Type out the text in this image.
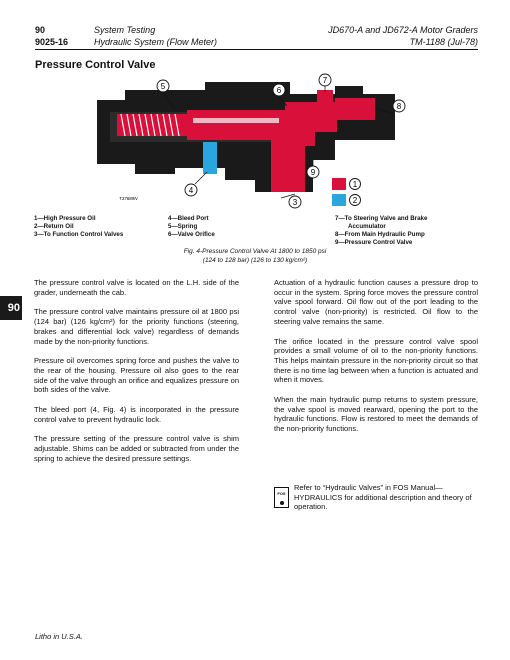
90	System Testing
9025-16	Hydraulic System (Flow Meter)
JD670-A and JD672-A Motor Graders
TM-1188 (Jul-78)
Pressure Control Valve
1
2
5	6
7
8
9
3
4
T37689N
1—High Pressure Oil
2—Return Oil
3—To Function Control Valves
4—Bleed Port
5—Spring
6—Valve Orifice
7—To Steering Valve and Brake
Accumulator
8—From Main Hydraulic Pump
9—Pressure Control Valve
Fig. 4-Pressure Control Valve At 1800 to 1850 psi
(124 to 128 bar) (126 to 130 kg/cm²)
90

The pressure control valve is located on the L.H. side of the grader, underneath the cab.

The pressure control valve maintains pressure oil at 1800 psi (124 bar) (126 kg/cm²) for the priority functions (steering, brakes and differential lock valve) regardless of demands made by the non-priority functions.

Pressure oil overcomes spring force and pushes the valve to the rear of the housing. Pressure oil also goes to the rear side of the valve through an orifice and equalizes pressure on both sides of the valve.

The bleed port (4, Fig. 4) is incorporated in the pressure control valve to prevent hydraulic lock.

The pressure setting of the pressure control valve is shim adjustable. Shims can be added or subtracted from under the spring to achieve the desired pressure settings.

Actuation of a hydraulic function causes a pressure drop to occur in the system. Spring force moves the pressure control valve spool forward. Oil flow out of the port leading to the control valve (non-priority) is restricted. Oil flow to the steering valve remains the same.

The orifice located in the pressure control valve spool provides a small volume of oil to the non-priority functions. This helps maintain pressure in the non-priority circuit so that there is no time lag between when a function is actuated and when it moves.

When the main hydraulic pump returns to system pressure, the valve spool is moved rearward, opening the port to the hydraulic functions. Flow is restored to meet the demands of the non-priority functions.

FOS
Refer to “Hydraulic Valves” in FOS Manual—HYDRAULICS for additional description and theory of operation.
Litho in U.S.A.
